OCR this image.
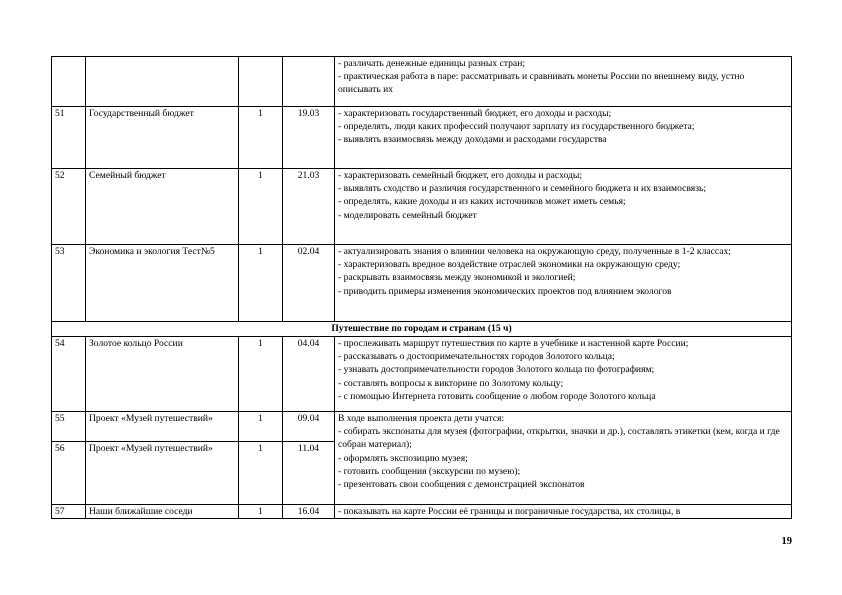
				- различать денежные единицы разных стран;
- практическая работа в паре: рассматривать и сравнивать монеты России по внешнему виду, устно описывать их

51	Государственный бюджет	1	19.03	- характеризовать государственный бюджет, его доходы и расходы;
- определять, люди каких профессий получают зарплату из государственного бюджета;
- выявлять взаимосвязь между доходами и расходами государства

52	Семейный бюджет	1	21.03	- характеризовать семейный бюджет, его доходы и расходы;
- выявлять сходство и различия государственного и семейного бюджета и их взаимосвязь;
- определять, какие доходы и из каких источников может иметь семья;
- моделировать семейный бюджет

53	Экономика и экология Тест№5	1	02.04	- актуализировать знания о влиянии человека на окружающую среду, полученные в 1-2 классах;
- характеризовать вредное воздействие отраслей экономики на окружающую среду;
- раскрывать взаимосвязь между экономикой и экологией;
- приводить примеры изменения экономических проектов под влиянием экологов

Путешествие по городам и странам (15 ч)				
54	Золотое кольцо России	1	04.04	- прослеживать маршрут путешествия по карте в учебнике и настенной карте России;
- рассказывать о достопримечательностях городов Золотого кольца;
- узнавать достопримечательности городов Золотого кольца по фотографиям;
- составлять вопросы к викторине по Золотому кольцу;
- с помощью Интернета готовить сообщение о любом городе Золотого кольца

55	Проект «Музей путешествий»	1	09.04	В ходе выполнения проекта дети учатся:
- собирать экспонаты для музея (фотографии, открытки, значки и др.), составлять этикетки (кем, когда и где собран материал);
- оформлять экспозицию музея;
- готовить сообщения (экскурсии по музею);
- презентовать свои сообщения с демонстрацией экспонатов

56	Проект «Музей путешествий»	1	11.04	
57	Наши ближайшие соседи	1	16.04	- показывать на карте России её границы и пограничные государства, их столицы, в
19
